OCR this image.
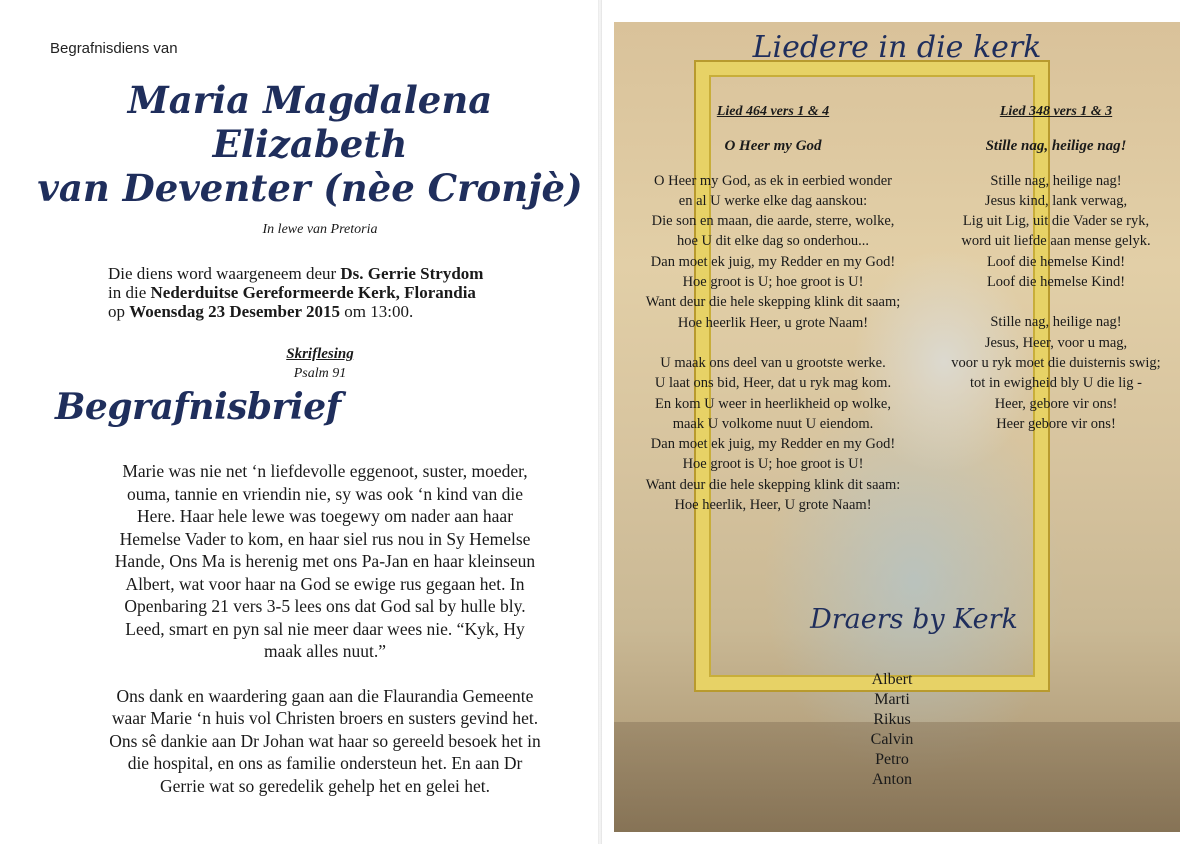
Begrafnisdiens van
Maria Magdalena
Elizabeth
van Deventer (nèe Cronjè)
In lewe van Pretoria
Die diens word waargeneem deur Ds. Gerrie Strydom
in die Nederduitse Gereformeerde Kerk, Florandia
op Woensdag 23 Desember 2015 om 13:00.
Skriflesing
Psalm 91
Begrafnisbrief

Marie was nie net ‘n liefdevolle eggenoot, suster, moeder,
ouma, tannie en vriendin nie, sy was ook ‘n kind van die
Here. Haar hele lewe was toegewy om nader aan haar
Hemelse Vader to kom, en haar siel rus nou in Sy Hemelse
Hande, Ons Ma is herenig met ons Pa-Jan en haar kleinseun
Albert, wat voor haar na God se ewige rus gegaan het. In
Openbaring 21 vers 3-5 lees ons dat God sal by hulle bly.
Leed, smart en pyn sal nie meer daar wees nie. “Kyk, Hy
maak alles nuut.”

Ons dank en waardering gaan aan die Flaurandia Gemeente
waar Marie ‘n huis vol Christen broers en susters gevind het.
Ons sê dankie aan Dr Johan wat haar so gereeld besoek het in
die hospital, en ons as familie ondersteun het. En aan Dr
Gerrie wat so geredelik gehelp het en gelei het.

Liedere in die kerk
Lied 464 vers 1 & 4
O Heer my God
O Heer my God, as ek in eerbied wonder
en al U werke elke dag aanskou:
Die son en maan, die aarde, sterre, wolke,
hoe U dit elke dag so onderhou...
Dan moet ek juig, my Redder en my God!
Hoe groot is U; hoe groot is U!
Want deur die hele skepping klink dit saam;
Hoe heerlik Heer, u grote Naam!
U maak ons deel van u grootste werke.
U laat ons bid, Heer, dat u ryk mag kom.
En kom U weer in heerlikheid op wolke,
maak U volkome nuut U eiendom.
Dan moet ek juig, my Redder en my God!
Hoe groot is U; hoe groot is U!
Want deur die hele skepping klink dit saam:
Hoe heerlik, Heer, U grote Naam!
Lied 348 vers 1 & 3
Stille nag, heilige nag!
Stille nag, heilige nag!
Jesus kind, lank verwag,
Lig uit Lig, uit die Vader se ryk,
word uit liefde aan mense gelyk.
Loof die hemelse Kind!
Loof die hemelse Kind!
Stille nag, heilige nag!
Jesus, Heer, voor u mag,
voor u ryk moet die duisternis swig;
tot in ewigheid bly U die lig -
Heer, gebore vir ons!
Heer gebore vir ons!
Draers by Kerk
Albert
Marti
Rikus
Calvin
Petro
Anton
